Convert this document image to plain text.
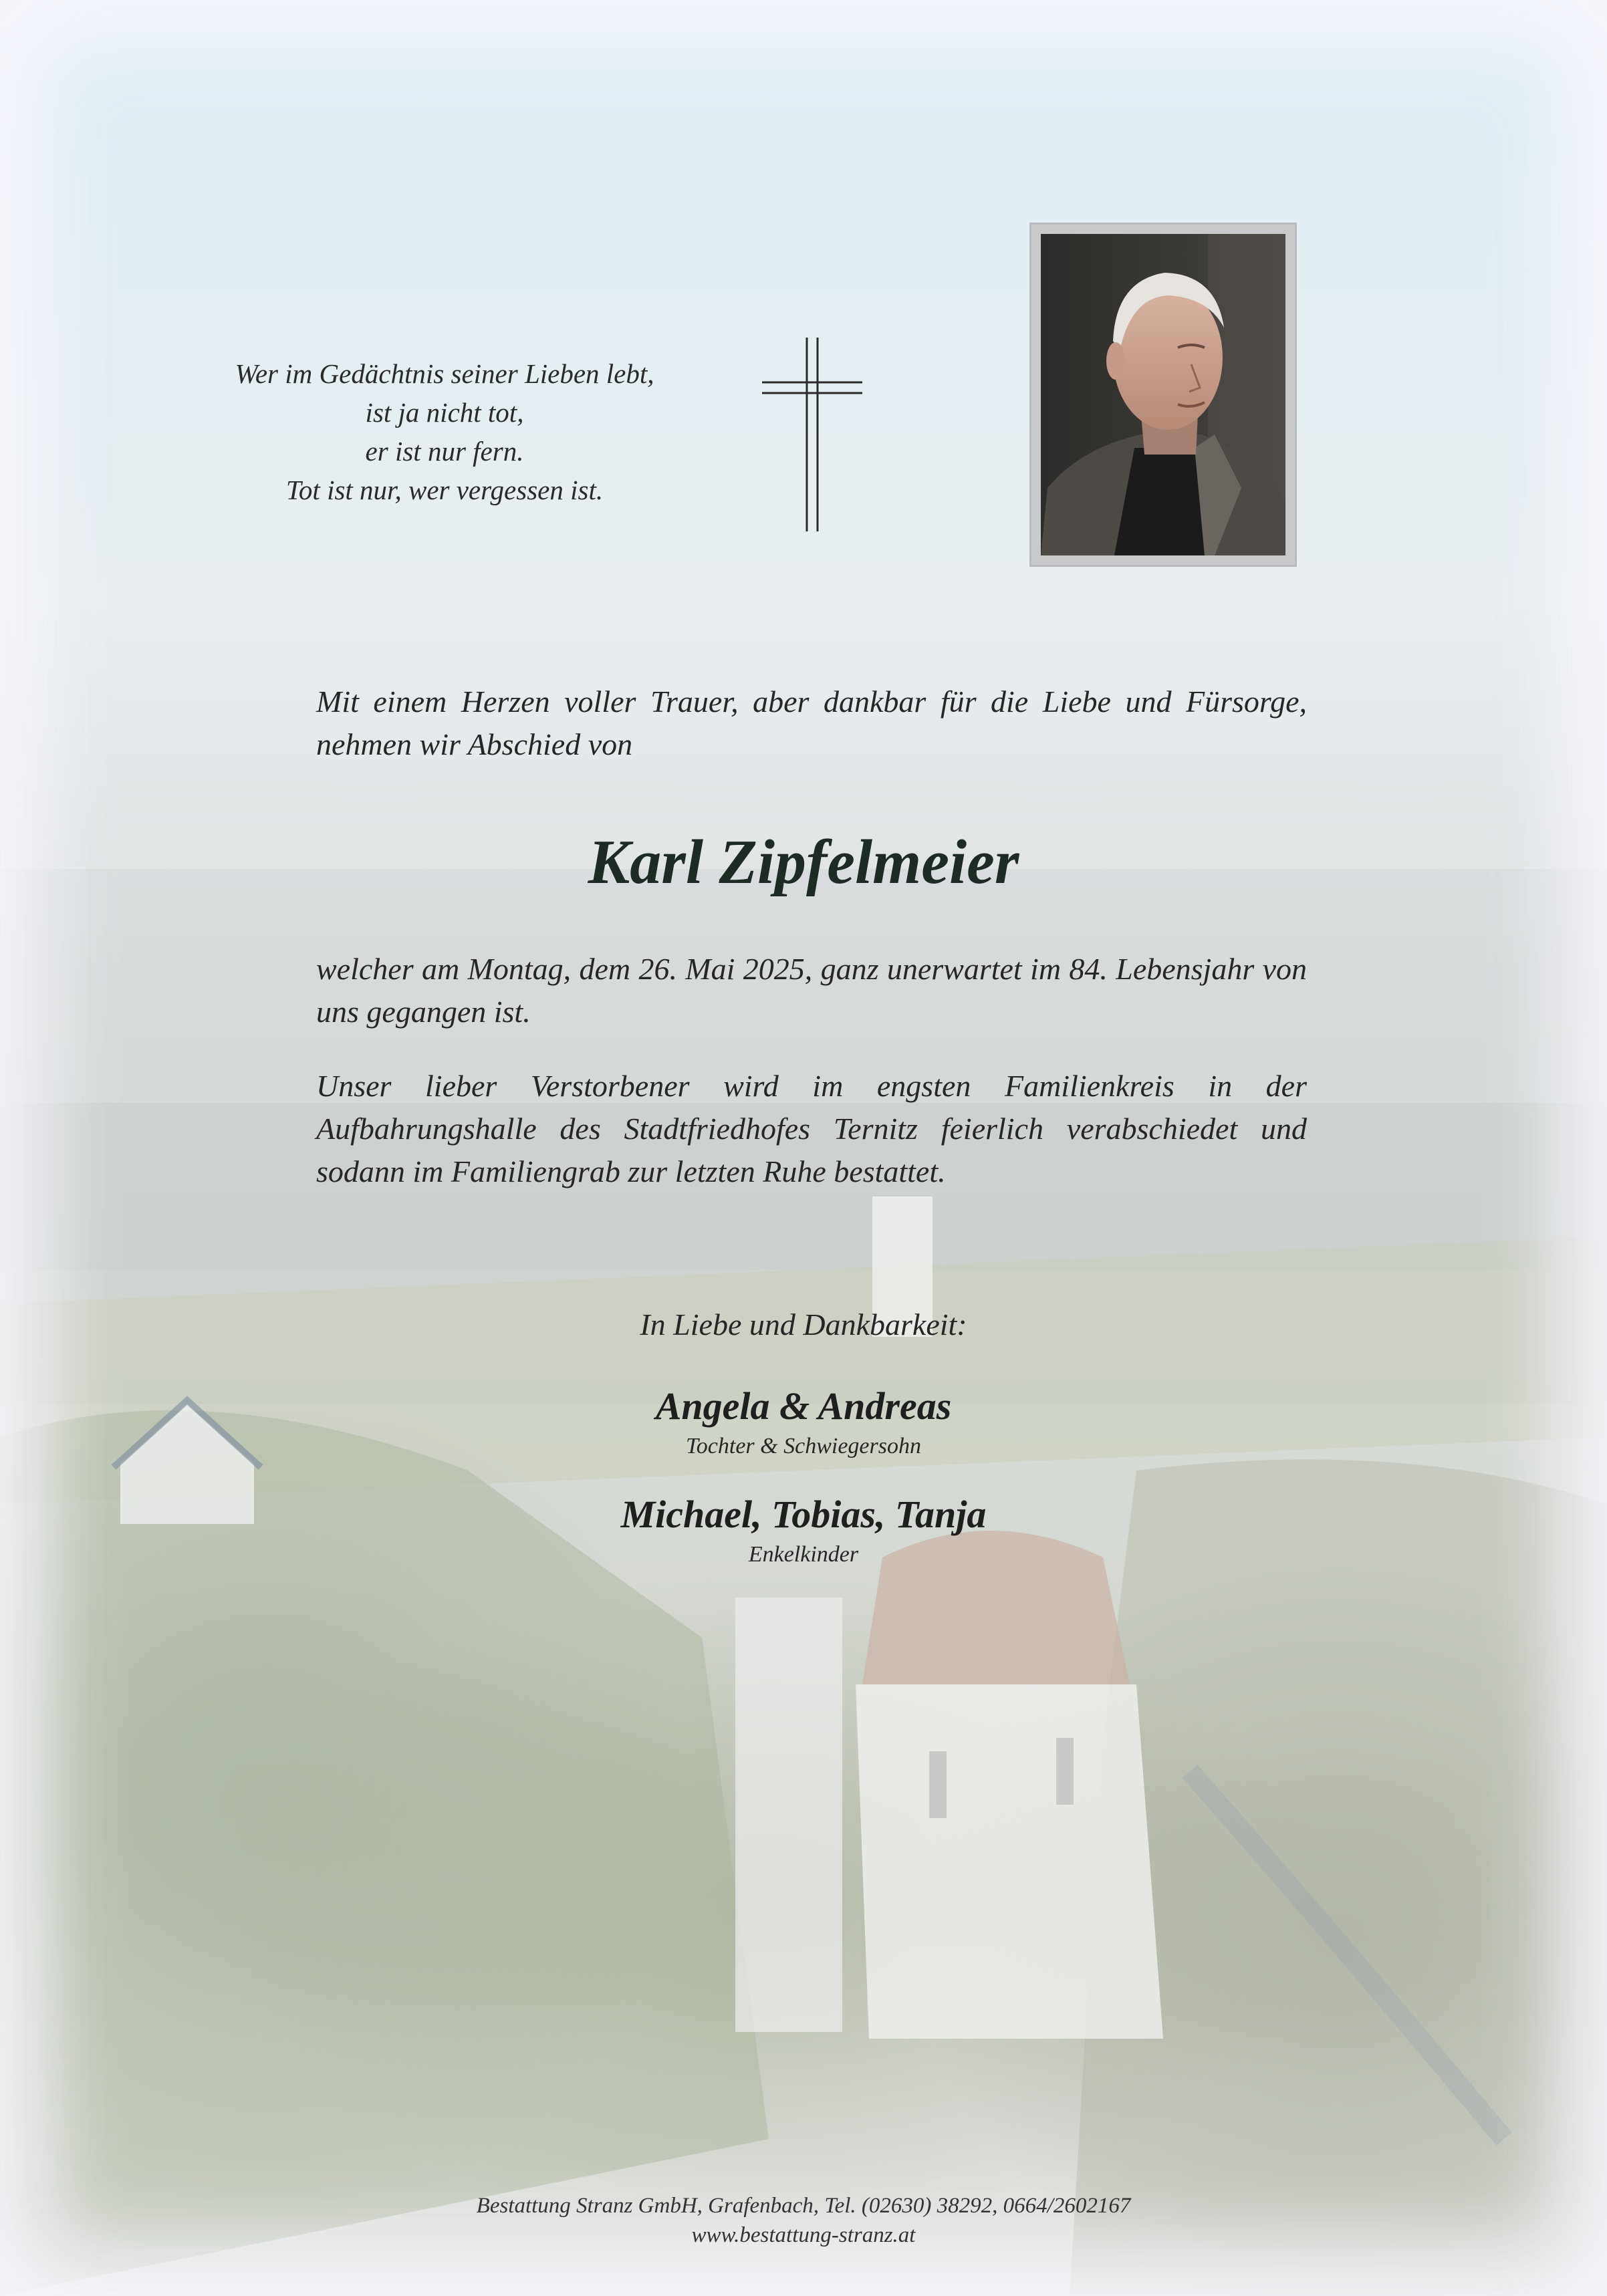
Wer im Gedächtnis seiner Lieben lebt,
ist ja nicht tot,
er ist nur fern.
Tot ist nur, wer vergessen ist.
Mit einem Herzen voller Trauer, aber dankbar für die Liebe und Fürsorge, nehmen wir Abschied von
Karl Zipfelmeier
welcher am Montag, dem 26. Mai 2025, ganz unerwartet im 84. Lebensjahr von uns gegangen ist.
Unser lieber Verstorbener wird im engsten Familienkreis in der Aufbahrungshalle des Stadtfriedhofes Ternitz feierlich verabschiedet und sodann im Familiengrab zur letzten Ruhe bestattet.
In Liebe und Dankbarkeit:
Angela & Andreas
Tochter & Schwiegersohn
Michael, Tobias, Tanja
Enkelkinder
Bestattung Stranz GmbH, Grafenbach, Tel. (02630) 38292, 0664/2602167
www.bestattung-stranz.at
